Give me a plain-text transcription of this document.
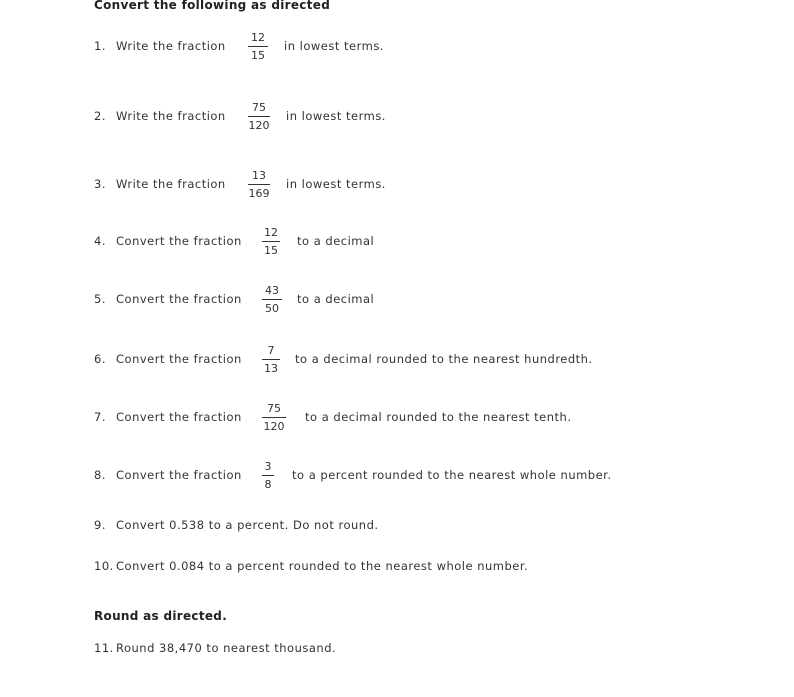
Convert the following as directed
1. Write the fraction	$\frac{12}{15}$ in lowest terms.
2. Write the fraction	$\frac{75}{120}$ in lowest terms.
3. Write the fraction	$\frac{13}{169}$ in lowest terms.
4. Convert the fraction	$\frac{12}{15}$ to a decimal
5. Convert the fraction	$\frac{43}{50}$ to a decimal
6. Convert the fraction	$\frac{7}{13}$ to a decimal rounded to the nearest hundredth.
7. Convert the fraction	$\frac{75}{120}$ to a decimal rounded to the nearest tenth.
8. Convert the fraction	$\frac{3}{8}$ to a percent rounded to the nearest whole number.
9. Convert 0.538 to a percent. Do not round.
10. Convert 0.084 to a percent rounded to the nearest whole number.
Round as directed.
11. Round 38,470 to nearest thousand.
